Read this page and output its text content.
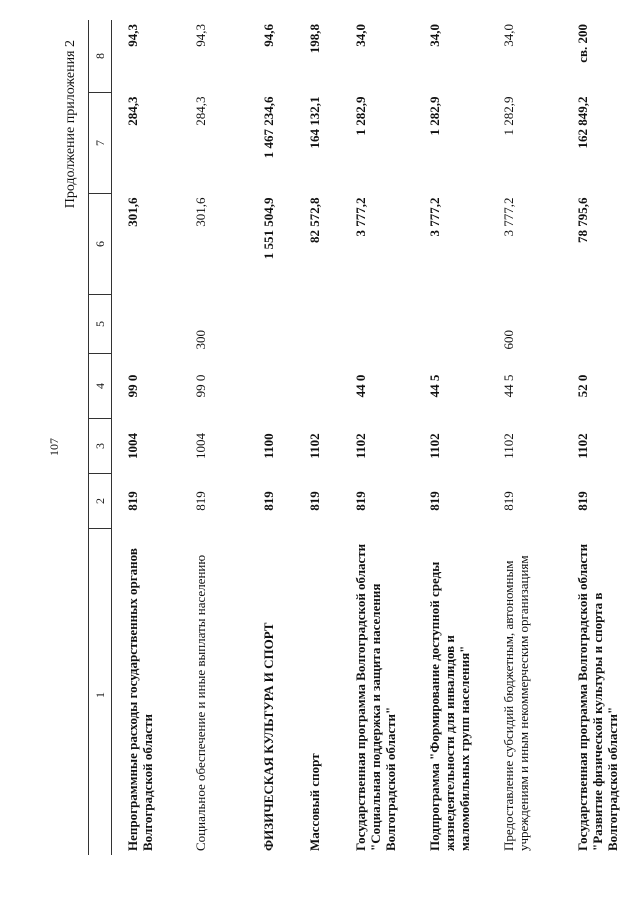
107
Продолжение приложения 2
1	2	3	4	5	6	7	8
Непрограммные расходы государственных органов Волгоградской области	819	1004	99 0		301,6	284,3	94,3
Социальное обеспечение и иные выплаты населению	819	1004	99 0	300	301,6	284,3	94,3
ФИЗИЧЕСКАЯ КУЛЬТУРА И СПОРТ	819	1100			1 551 504,9	1 467 234,6	94,6
Массовый спорт	819	1102			82 572,8	164 132,1	198,8
Государственная программа Волгоградской области "Социальная поддержка и защита населения Волгоградской области"	819	1102	44 0		3 777,2	1 282,9	34,0
Подпрограмма "Формирование доступной среды жизнедеятельности для инвалидов и маломобильных групп населения"	819	1102	44 5		3 777,2	1 282,9	34,0
Предоставление субсидий бюджетным, автономным учреждениям и иным некоммерческим организациям	819	1102	44 5	600	3 777,2	1 282,9	34,0
Государственная программа Волгоградской области "Развитие физической культуры и спорта в Волгоградской области"	819	1102	52 0		78 795,6	162 849,2	св. 200
